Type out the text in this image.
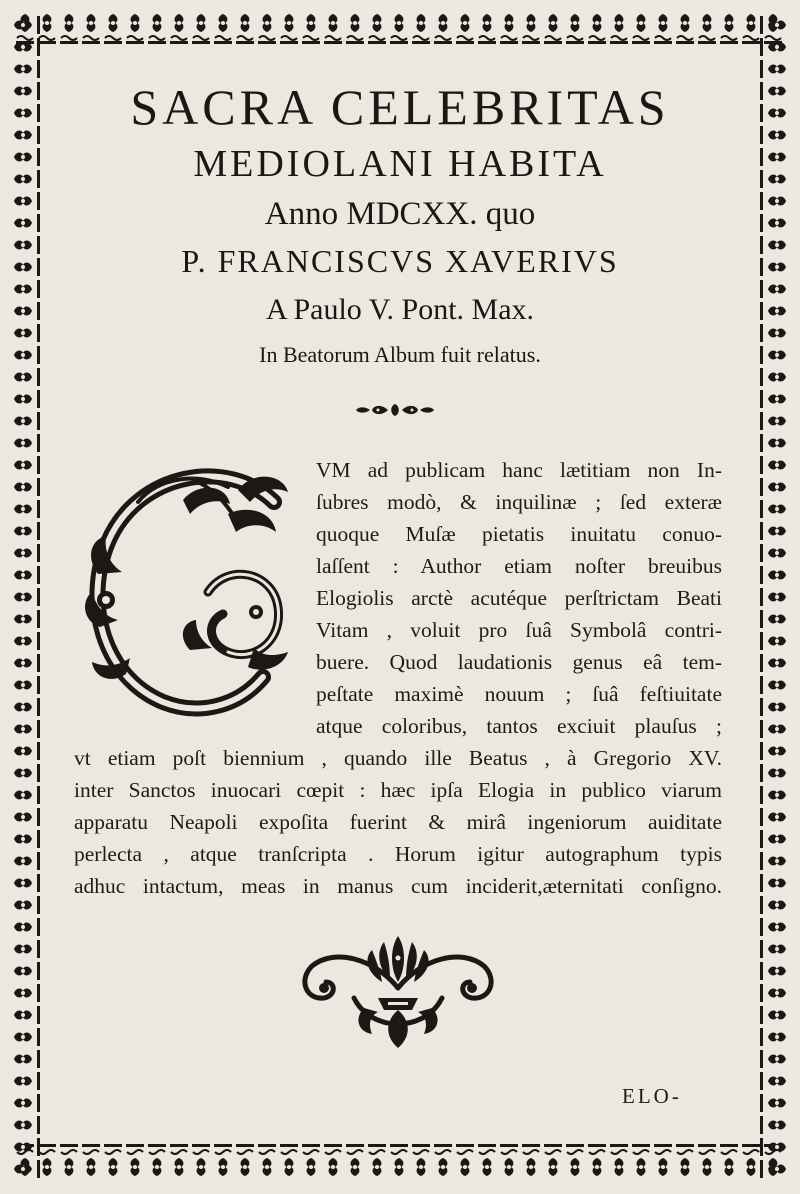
SACRA CELEBRITAS
MEDIOLANI HABITA
Anno MDCXX. quo
P. FRANCISCVS XAVERIVS
A Paulo V. Pont. Max.
In Beatorum Album fuit relatus.
VM ad publicam hanc lætitiam non In-
ſubres modò, & inquilinæ ; ſed exteræ
quoque Muſæ pietatis inuitatu conuo-
laſſent : Author etiam noſter breuibus
Elogiolis arctè acutéque perſtrictam Beati
Vitam , voluit pro ſuâ Symbolâ contri-
buere. Quod laudationis genus eâ tem-
peſtate maximè nouum ; ſuâ feſtiuitate
atque coloribus, tantos exciuit plauſus ;
vt etiam poſt biennium , quando ille Beatus , à Gregorio XV.
inter Sanctos inuocari cœpit : hæc ipſa Elogia in publico viarum
apparatu Neapoli expoſita fuerint & mirâ ingeniorum auiditate
perlecta , atque tranſcripta . Horum igitur autographum typis
adhuc intactum, meas in manus cum inciderit,æternitati conſigno.
ELO-
